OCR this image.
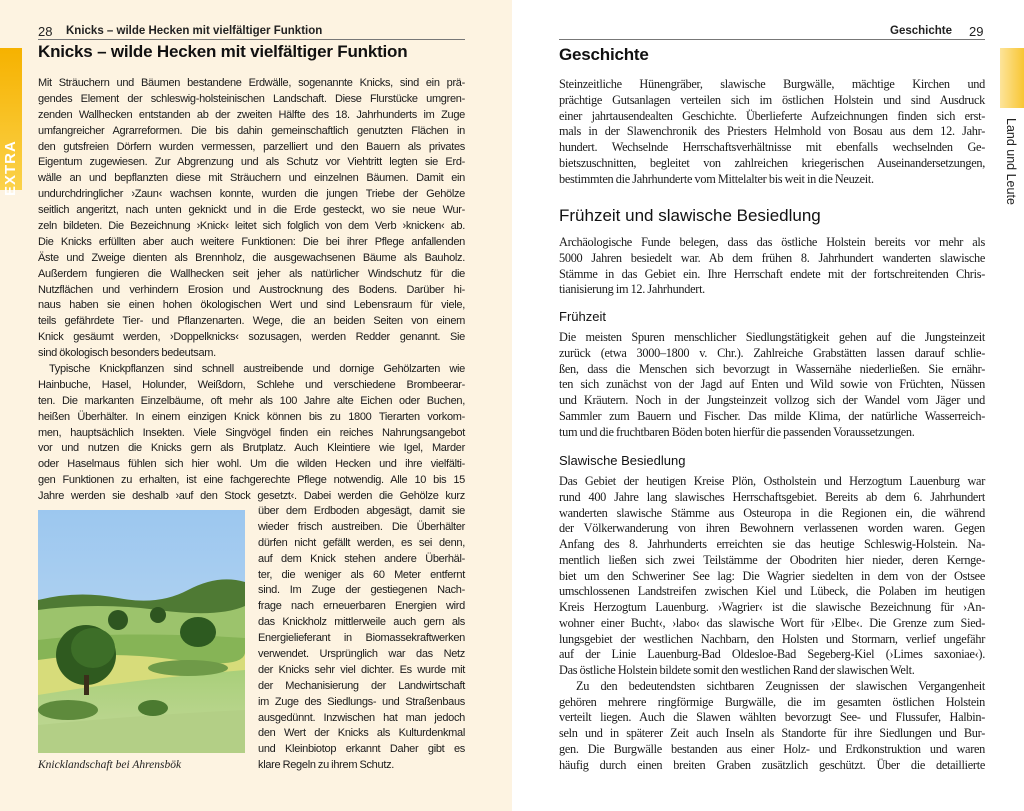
EXTRA
28 Knicks – wilde Hecken mit vielfältiger Funktion
Knicks – wilde Hecken mit vielfältiger Funktion
Mit Sträuchern und Bäumen bestandene Erdwälle, sogenannte Knicks, sind ein prä-
gendes Element der schleswig-holsteinischen Landschaft. Diese Flurstücke umgren-
zenden Wallhecken entstanden ab der zweiten Hälfte des 18. Jahrhunderts im Zuge
umfangreicher Agrarreformen. Die bis dahin gemeinschaftlich genutzten Flächen in
den gutsfreien Dörfern wurden vermessen, parzelliert und den Bauern als privates
Eigentum zugewiesen. Zur Abgrenzung und als Schutz vor Viehtritt legten sie Erd-
wälle an und bepflanzten diese mit Sträuchern und einzelnen Bäumen. Damit ein
undurchdringlicher ›Zaun‹ wachsen konnte, wurden die jungen Triebe der Gehölze
seitlich angeritzt, nach unten geknickt und in die Erde gesteckt, wo sie neue Wur-
zeln bildeten. Die Bezeichnung ›Knick‹ leitet sich folglich von dem Verb ›knicken‹ ab.
Die Knicks erfüllten aber auch weitere Funktionen: Die bei ihrer Pflege anfallenden
Äste und Zweige dienten als Brennholz, die ausgewachsenen Bäume als Bauholz.
Außerdem fungieren die Wallhecken seit jeher als natürlicher Windschutz für die
Nutzflächen und verhindern Erosion und Austrocknung des Bodens. Darüber hi-
naus haben sie einen hohen ökologischen Wert und sind Lebensraum für viele,
teils gefährdete Tier- und Pflanzenarten. Wege, die an beiden Seiten von einem
Knick gesäumt werden, ›Doppelknicks‹ sozusagen, werden Redder genannt. Sie
sind ökologisch besonders bedeutsam.
Typische Knickpflanzen sind schnell austreibende und dornige Gehölzarten wie
Hainbuche, Hasel, Holunder, Weißdorn, Schlehe und verschiedene Brombeerar-
ten. Die markanten Einzelbäume, oft mehr als 100 Jahre alte Eichen oder Buchen,
heißen Überhälter. In einem einzigen Knick können bis zu 1800 Tierarten vorkom-
men, hauptsächlich Insekten. Viele Singvögel finden ein reiches Nahrungsangebot
vor und nutzen die Knicks gern als Brutplatz. Auch Kleintiere wie Igel, Marder
oder Haselmaus fühlen sich hier wohl. Um die wilden Hecken und ihre vielfälti-
gen Funktionen zu erhalten, ist eine fachgerechte Pflege notwendig. Alle 10 bis 15
Jahre werden sie deshalb ›auf den Stock gesetzt‹. Dabei werden die Gehölze kurz
Knicklandschaft bei Ahrensbök
über dem Erdboden abgesägt, damit sie
wieder frisch austreiben. Die Überhälter
dürfen nicht gefällt werden, es sei denn,
auf dem Knick stehen andere Überhäl-
ter, die weniger als 60 Meter entfernt
sind. Im Zuge der gestiegenen Nach-
frage nach erneuerbaren Energien wird
das Knickholz mittlerweile auch gern als
Energielieferant in Biomassekraftwerken
verwendet. Ursprünglich war das Netz
der Knicks sehr viel dichter. Es wurde mit
der Mechanisierung der Landwirtschaft
im Zuge des Siedlungs- und Straßenbaus
ausgedünnt. Inzwischen hat man jedoch
den Wert der Knicks als Kulturdenkmal
und Kleinbiotop erkannt Daher gibt es
klare Regeln zu ihrem Schutz.
Geschichte 29
Land und Leute
Geschichte
Steinzeitliche Hünengräber, slawische Burgwälle, mächtige Kirchen und
prächtige Gutsanlagen verteilen sich im östlichen Holstein und sind Ausdruck
einer jahrtausendealten Geschichte. Überlieferte Aufzeichnungen finden sich erst-
mals in der Slawenchronik des Priesters Helmhold von Bosau aus dem 12. Jahr-
hundert. Wechselnde Herrschaftsverhältnisse mit ebenfalls wechselnden Ge-
bietszuschnitten, begleitet von zahlreichen kriegerischen Auseinandersetzungen,
bestimmten die Jahrhunderte vom Mittelalter bis weit in die Neuzeit.
Frühzeit und slawische Besiedlung
Archäologische Funde belegen, dass das östliche Holstein bereits vor mehr als
5000 Jahren besiedelt war. Ab dem frühen 8. Jahrhundert wanderten slawische
Stämme in das Gebiet ein. Ihre Herrschaft endete mit der fortschreitenden Chris-
tianisierung im 12. Jahrhundert.
Frühzeit
Die meisten Spuren menschlicher Siedlungstätigkeit gehen auf die Jungsteinzeit
zurück (etwa 3000–1800 v. Chr.). Zahlreiche Grabstätten lassen darauf schlie-
ßen, dass die Menschen sich bevorzugt in Wassernähe niederließen. Sie ernähr-
ten sich zunächst von der Jagd auf Enten und Wild sowie von Früchten, Nüssen
und Kräutern. Noch in der Jungsteinzeit vollzog sich der Wandel vom Jäger und
Sammler zum Bauern und Fischer. Das milde Klima, der natürliche Wasserreich-
tum und die fruchtbaren Böden boten hierfür die passenden Voraussetzungen.
Slawische Besiedlung
Das Gebiet der heutigen Kreise Plön, Ostholstein und Herzogtum Lauenburg war
rund 400 Jahre lang slawisches Herrschaftsgebiet. Bereits ab dem 6. Jahrhundert
wanderten slawische Stämme aus Osteuropa in die Regionen ein, die während
der Völkerwanderung von ihren Bewohnern verlassenen worden waren. Gegen
Anfang des 8. Jahrhunderts erreichten sie das heutige Schleswig-Holstein. Na-
mentlich ließen sich zwei Teilstämme der Obodriten hier nieder, deren Kernge-
biet um den Schweriner See lag: Die Wagrier siedelten in dem von der Ostsee
umschlossenen Landstreifen zwischen Kiel und Lübeck, die Polaben im heutigen
Kreis Herzogtum Lauenburg. ›Wagrier‹ ist die slawische Bezeichnung für ›An-
wohner einer Bucht‹, ›labo‹ das slawische Wort für ›Elbe‹. Die Grenze zum Sied-
lungsgebiet der westlichen Nachbarn, den Holsten und Stormarn, verlief ungefähr
auf der Linie Lauenburg-Bad Oldesloe-Bad Segeberg-Kiel (›Limes saxoniae‹).
Das östliche Holstein bildete somit den westlichen Rand der slawischen Welt.
Zu den bedeutendsten sichtbaren Zeugnissen der slawischen Vergangenheit
gehören mehrere ringförmige Burgwälle, die im gesamten östlichen Holstein
verteilt liegen. Auch die Slawen wählten bevorzugt See- und Flussufer, Halbin-
seln und in späterer Zeit auch Inseln als Standorte für ihre Siedlungen und Bur-
gen. Die Burgwälle bestanden aus einer Holz- und Erdkonstruktion und waren
häufig durch einen breiten Graben zusätzlich geschützt. Über die detaillierte
